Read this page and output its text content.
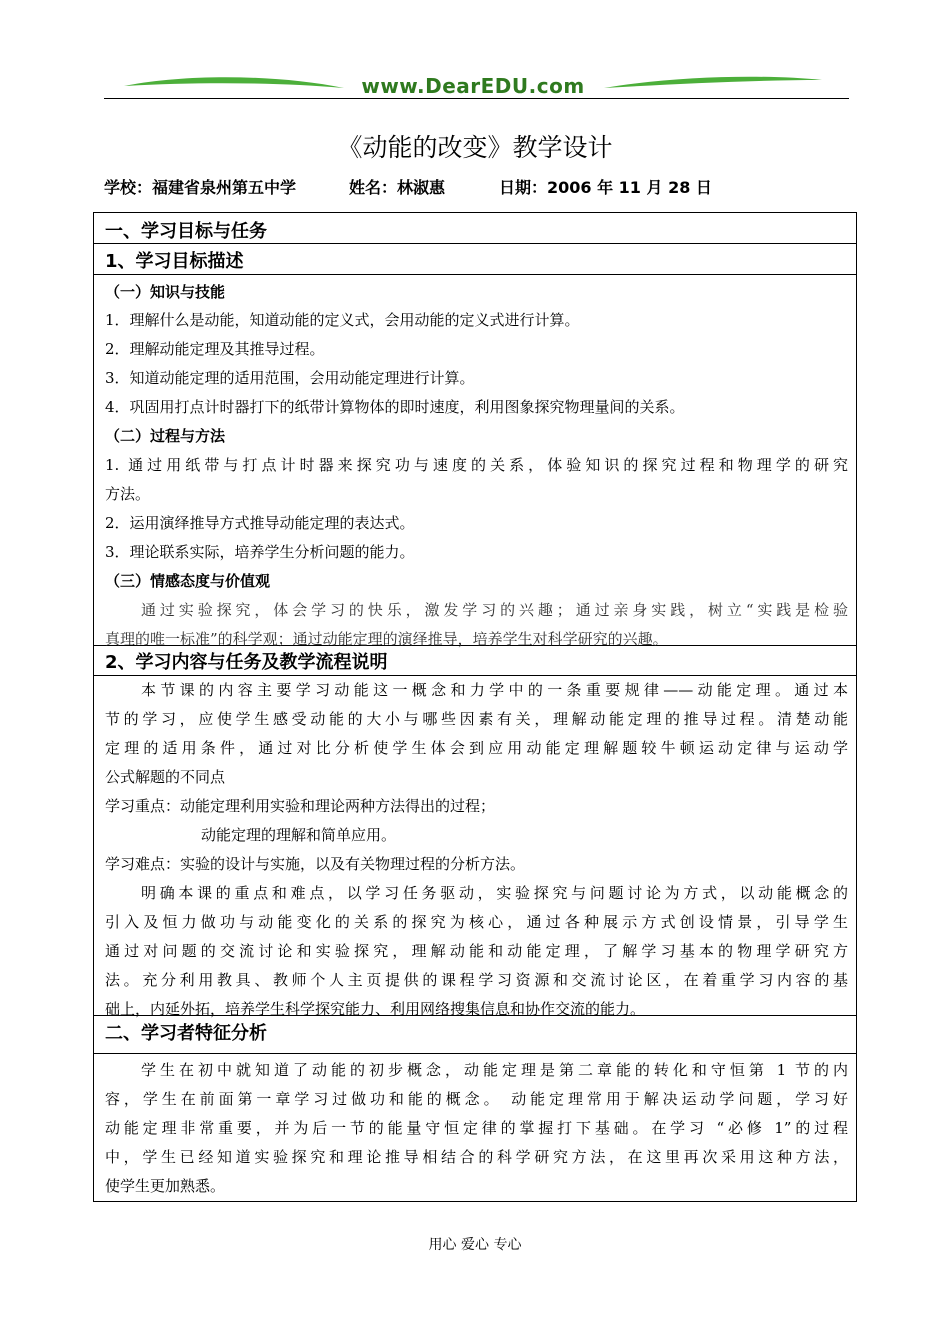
www.DearEDU.com
《动能的改变》教学设计
学校：福建省泉州第五中学	姓名：林淑惠	日期：2006 年 11 月 28 日
一、学习目标与任务
1、学习目标描述
（一）知识与技能
1．理解什么是动能，知道动能的定义式，会用动能的定义式进行计算。
2．理解动能定理及其推导过程。
3．知道动能定理的适用范围，会用动能定理进行计算。
4．巩固用打点计时器打下的纸带计算物体的即时速度，利用图象探究物理量间的关系。
（二）过程与方法
1. 通过用纸带与打点计时器来探究功与速度的关系，体验知识的探究过程和物理学的研究
方法。
2．运用演绎推导方式推导动能定理的表达式。
3．理论联系实际，培养学生分析问题的能力。
（三）情感态度与价值观
通过实验探究，体会学习的快乐，激发学习的兴趣；通过亲身实践，树立“实践是检验
真理的唯一标准”的科学观；通过动能定理的演绎推导，培养学生对科学研究的兴趣。
2、学习内容与任务及教学流程说明
本节课的内容主要学习动能这一概念和力学中的一条重要规律——动能定理。通过本
节的学习，应使学生感受动能的大小与哪些因素有关，理解动能定理的推导过程。清楚动能
定理的适用条件，通过对比分析使学生体会到应用动能定理解题较牛顿运动定律与运动学
公式解题的不同点
学习重点：动能定理利用实验和理论两种方法得出的过程；
动能定理的理解和简单应用。
学习难点：实验的设计与实施，以及有关物理过程的分析方法。
明确本课的重点和难点，以学习任务驱动，实验探究与问题讨论为方式，以动能概念的
引入及恒力做功与动能变化的关系的探究为核心，通过各种展示方式创设情景，引导学生
通过对问题的交流讨论和实验探究，理解动能和动能定理，了解学习基本的物理学研究方
法。充分利用教具、教师个人主页提供的课程学习资源和交流讨论区，在着重学习内容的基
础上，内延外拓，培养学生科学探究能力、利用网络搜集信息和协作交流的能力。
二、学习者特征分析
学生在初中就知道了动能的初步概念，动能定理是第二章能的转化和守恒第 1 节的内
容，学生在前面第一章学习过做功和能的概念。 动能定理常用于解决运动学问题，学习好
动能定理非常重要，并为后一节的能量守恒定律的掌握打下基础。在学习 “必修 1”的过程
中，学生已经知道实验探究和理论推导相结合的科学研究方法，在这里再次采用这种方法，
使学生更加熟悉。
用心 爱心 专心
